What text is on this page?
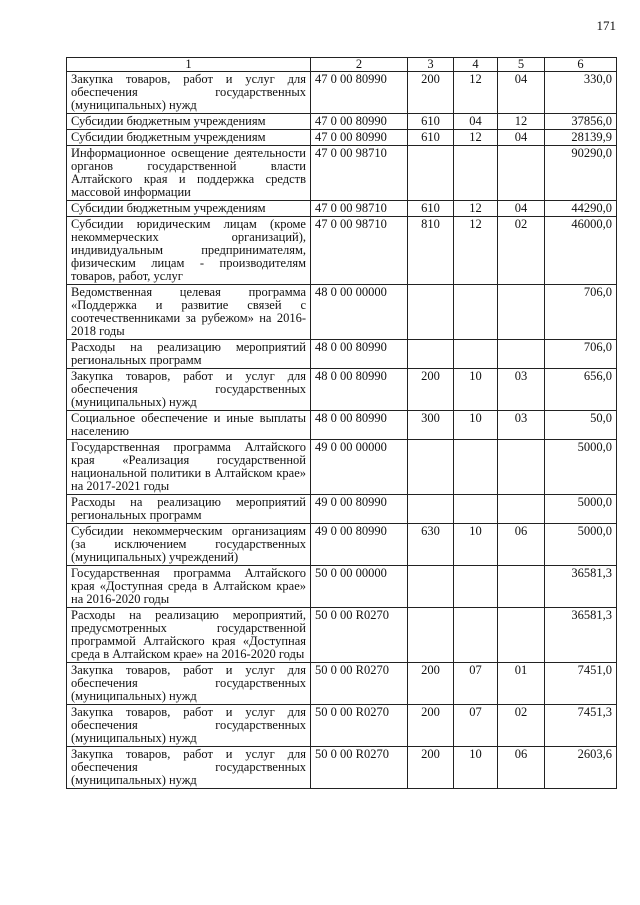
171
1	2	3	4	5	6
Закупка товаров, работ и услуг для обеспечения государственных (муниципальных) нужд	47 0 00 80990	200	12	04	330,0
Субсидии бюджетным учреждениям	47 0 00 80990	610	04	12	37856,0
Субсидии бюджетным учреждениям	47 0 00 80990	610	12	04	28139,9
Информационное освещение деятельности органов государственной власти Алтайского края и поддержка средств массовой информации	47 0 00 98710				90290,0
Субсидии бюджетным учреждениям	47 0 00 98710	610	12	04	44290,0
Субсидии юридическим лицам (кроме некоммерческих организаций), индивидуальным предпринимателям, физическим лицам - производителям товаров, работ, услуг	47 0 00 98710	810	12	02	46000,0
Ведомственная целевая программа «Поддержка и развитие связей с соотечественниками за рубежом» на 2016-2018 годы	48 0 00 00000				706,0
Расходы на реализацию мероприятий региональных программ	48 0 00 80990				706,0
Закупка товаров, работ и услуг для обеспечения государственных (муниципальных) нужд	48 0 00 80990	200	10	03	656,0
Социальное обеспечение и иные выплаты населению	48 0 00 80990	300	10	03	50,0
Государственная программа Алтайского края «Реализация государственной национальной политики в Алтайском крае» на 2017-2021 годы	49 0 00 00000				5000,0
Расходы на реализацию мероприятий региональных программ	49 0 00 80990				5000,0
Субсидии некоммерческим организациям (за исключением государственных (муниципальных) учреждений)	49 0 00 80990	630	10	06	5000,0
Государственная программа Алтайского края «Доступная среда в Алтайском крае» на 2016-2020 годы	50 0 00 00000				36581,3
Расходы на реализацию мероприятий, предусмотренных государственной программой Алтайского края «Доступная среда в Алтайском крае» на 2016-2020 годы	50 0 00 R0270				36581,3
Закупка товаров, работ и услуг для обеспечения государственных (муниципальных) нужд	50 0 00 R0270	200	07	01	7451,0
Закупка товаров, работ и услуг для обеспечения государственных (муниципальных) нужд	50 0 00 R0270	200	07	02	7451,3
Закупка товаров, работ и услуг для обеспечения государственных (муниципальных) нужд	50 0 00 R0270	200	10	06	2603,6
